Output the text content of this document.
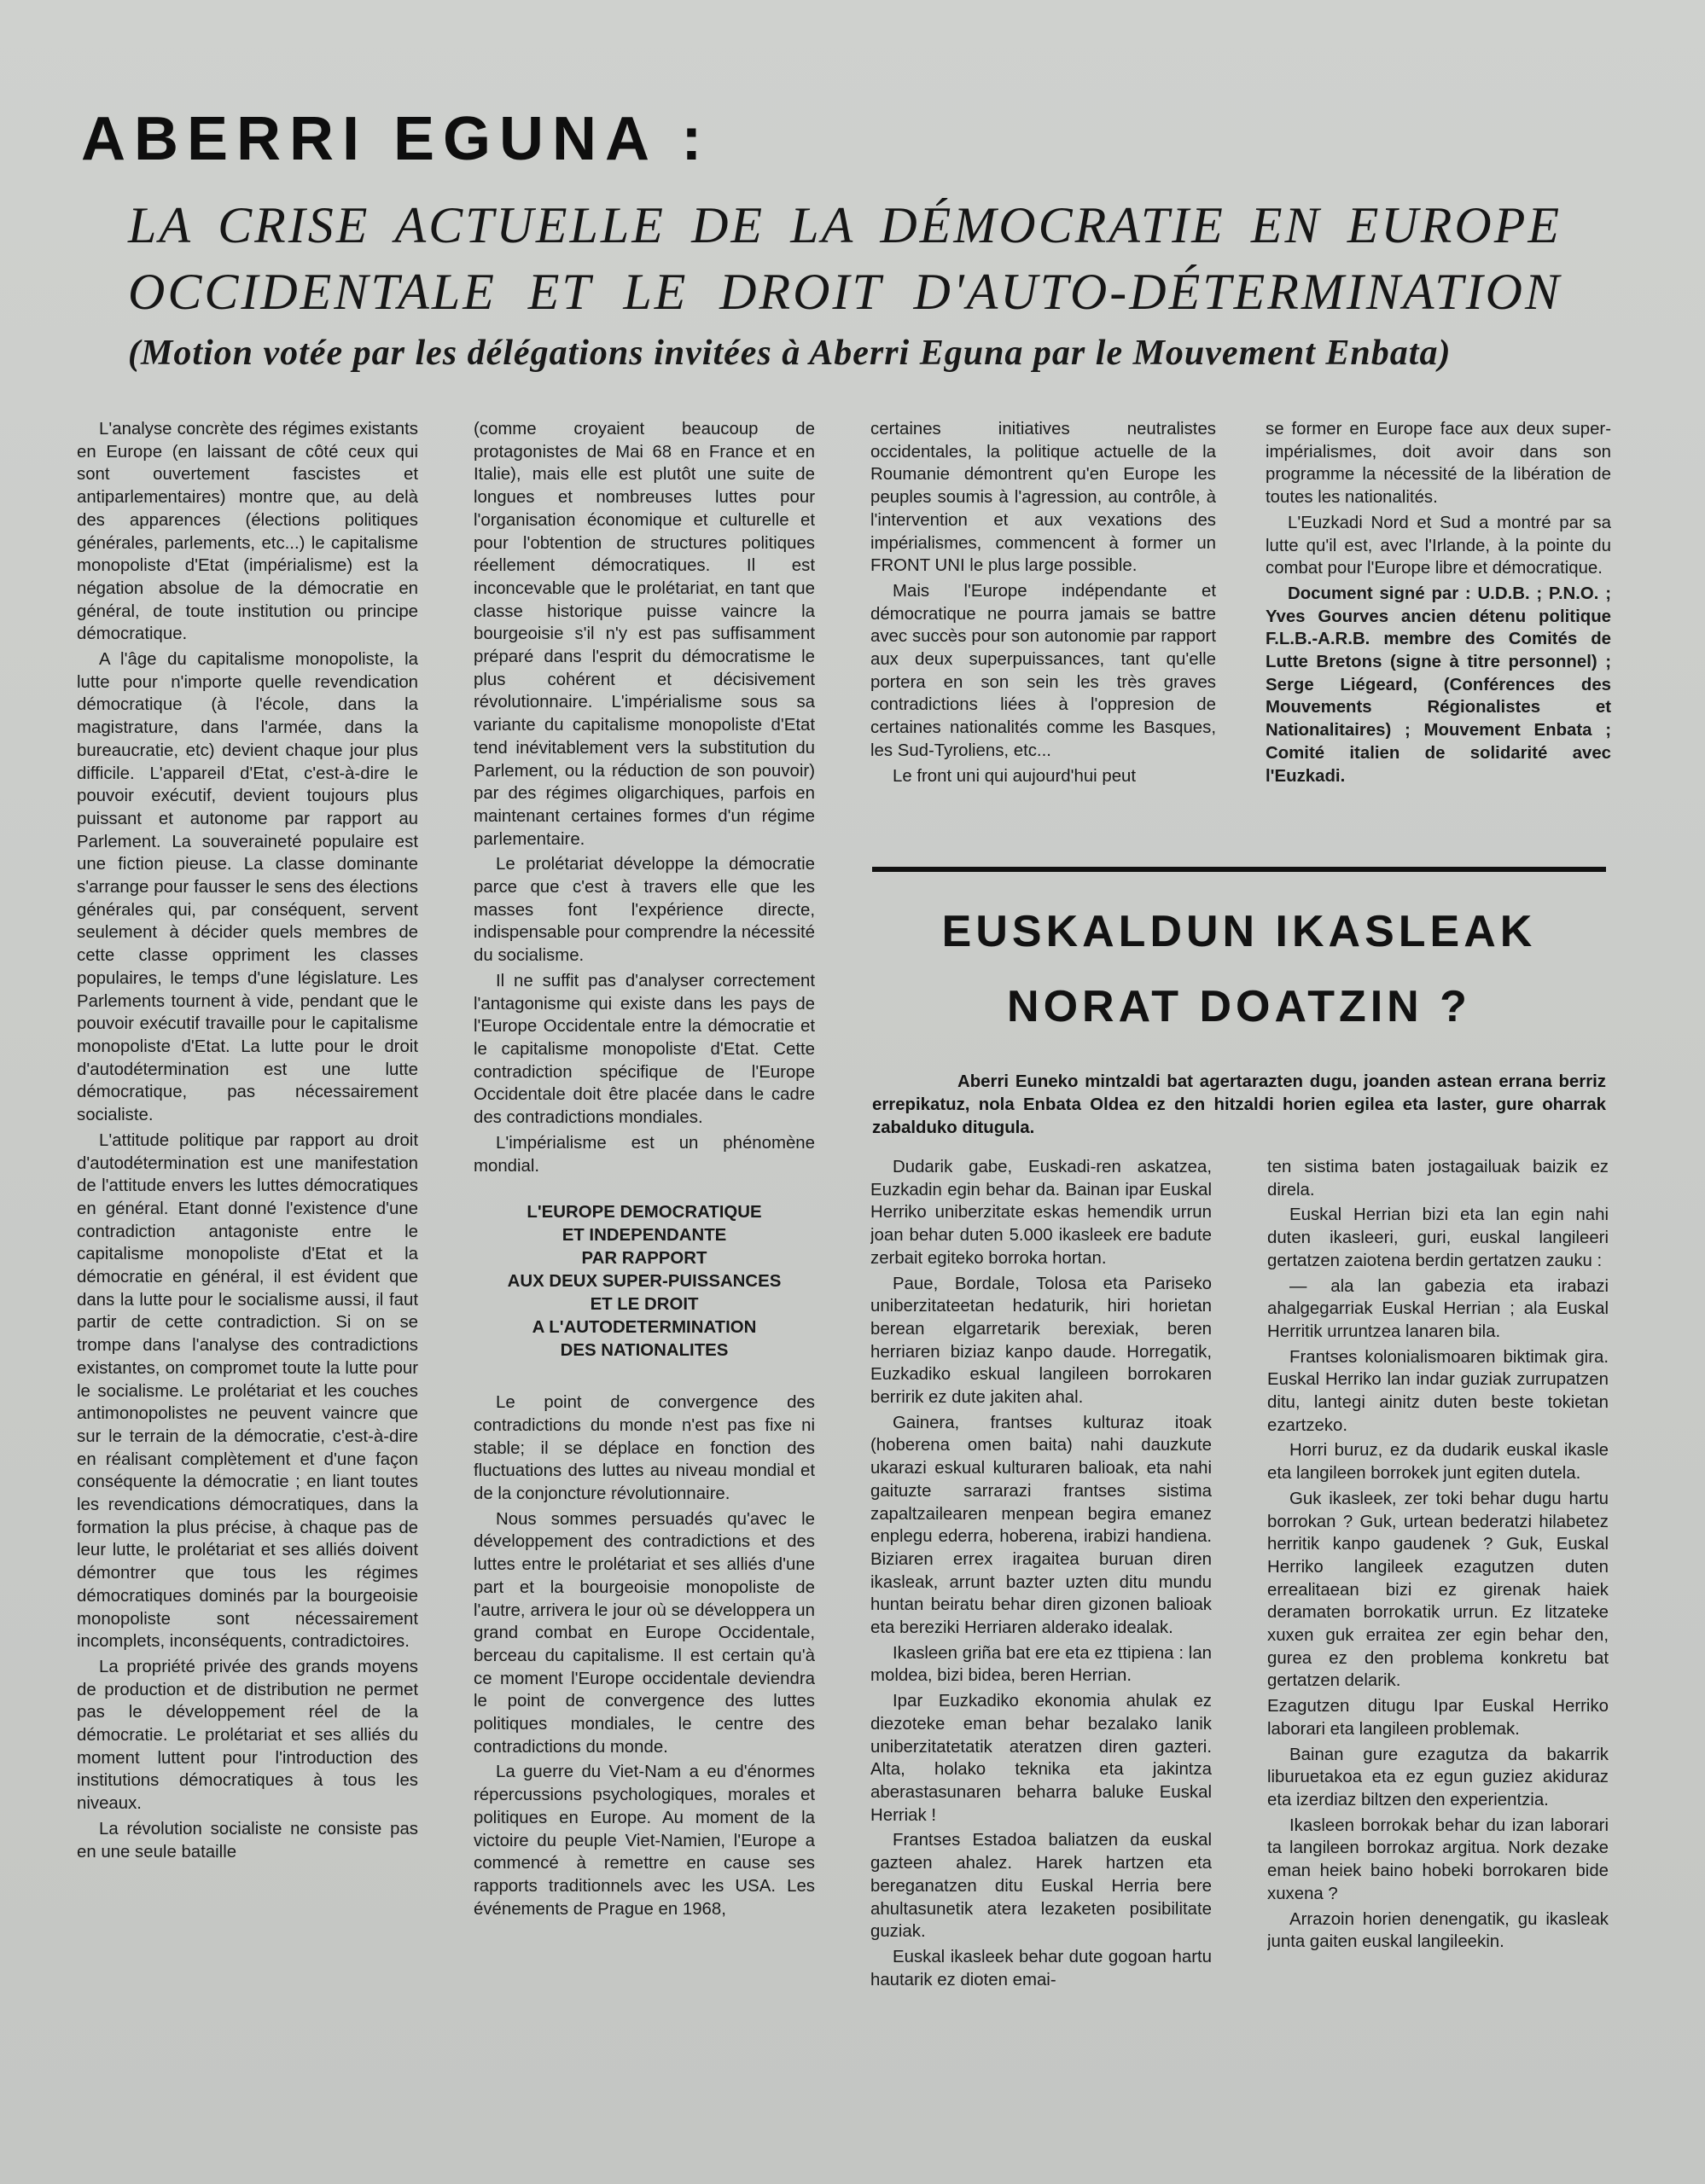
ABERRI EGUNA :
LA CRISE ACTUELLE DE LA DÉMOCRATIE EN EUROPE
OCCIDENTALE ET LE DROIT D'AUTO-DÉTERMINATION
(Motion votée par les délégations invitées à Aberri Eguna par le Mouvement Enbata)

L'analyse concrète des régimes existants en Europe (en laissant de côté ceux qui sont ouvertement fascistes et antiparlementaires) montre que, au delà des apparences (élections politiques générales, parlements, etc...) le capitalisme monopoliste d'Etat (impérialisme) est la négation absolue de la démocratie en général, de toute institution ou principe démocratique.

A l'âge du capitalisme monopoliste, la lutte pour n'importe quelle revendication démocratique (à l'école, dans la magistrature, dans l'armée, dans la bureaucratie, etc) devient chaque jour plus difficile. L'appareil d'Etat, c'est-à-dire le pouvoir exécutif, devient toujours plus puissant et autonome par rapport au Parlement. La souveraineté populaire est une fiction pieuse. La classe dominante s'arrange pour fausser le sens des élections générales qui, par conséquent, servent seulement à décider quels membres de cette classe oppriment les classes populaires, le temps d'une législature. Les Parlements tournent à vide, pendant que le pouvoir exécutif travaille pour le capitalisme monopoliste d'Etat. La lutte pour le droit d'autodétermination est une lutte démocratique, pas nécessairement socialiste.

L'attitude politique par rapport au droit d'autodétermination est une manifestation de l'attitude envers les luttes démocratiques en général. Etant donné l'existence d'une contradiction antagoniste entre le capitalisme monopoliste d'Etat et la démocratie en général, il est évident que dans la lutte pour le socialisme aussi, il faut partir de cette contradiction. Si on se trompe dans l'analyse des contradictions existantes, on compromet toute la lutte pour le socialisme. Le prolétariat et les couches antimonopolistes ne peuvent vaincre que sur le terrain de la démocratie, c'est-à-dire en réalisant complètement et d'une façon conséquente la démocratie ; en liant toutes les revendications démocratiques, dans la formation la plus précise, à chaque pas de leur lutte, le prolétariat et ses alliés doivent démontrer que tous les régimes démocratiques dominés par la bourgeoisie monopoliste sont nécessairement incomplets, inconséquents, contradictoires.

La propriété privée des grands moyens de production et de distribution ne permet pas le développement réel de la démocratie. Le prolétariat et ses alliés du moment luttent pour l'introduction des institutions démocratiques à tous les niveaux.

La révolution socialiste ne consiste pas en une seule bataille

(comme croyaient beaucoup de protagonistes de Mai 68 en France et en Italie), mais elle est plutôt une suite de longues et nombreuses luttes pour l'organisation économique et culturelle et pour l'obtention de structures politiques réellement démocratiques. Il est inconcevable que le prolétariat, en tant que classe historique puisse vaincre la bourgeoisie s'il n'y est pas suffisamment préparé dans l'esprit du démocratisme le plus cohérent et décisivement révolutionnaire. L'impérialisme sous sa variante du capitalisme monopoliste d'Etat tend inévitablement vers la substitution du Parlement, ou la réduction de son pouvoir) par des régimes oligarchiques, parfois en maintenant certaines formes d'un régime parlementaire.

Le prolétariat développe la démocratie parce que c'est à travers elle que les masses font l'expérience directe, indispensable pour comprendre la nécessité du socialisme.

Il ne suffit pas d'analyser correctement l'antagonisme qui existe dans les pays de l'Europe Occidentale entre la démocratie et le capitalisme monopoliste d'Etat. Cette contradiction spécifique de l'Europe Occidentale doit être placée dans le cadre des contradictions mondiales.

L'impérialisme est un phénomène mondial.

L'EUROPE DEMOCRATIQUE
ET INDEPENDANTE
PAR RAPPORT
AUX DEUX SUPER-PUISSANCES
ET LE DROIT
A L'AUTODETERMINATION
DES NATIONALITES

Le point de convergence des contradictions du monde n'est pas fixe ni stable; il se déplace en fonction des fluctuations des luttes au niveau mondial et de la conjoncture révolutionnaire.

Nous sommes persuadés qu'avec le développement des contradictions et des luttes entre le prolétariat et ses alliés d'une part et la bourgeoisie monopoliste de l'autre, arrivera le jour où se développera un grand combat en Europe Occidentale, berceau du capitalisme. Il est certain qu'à ce moment l'Europe occidentale deviendra le point de convergence des luttes politiques mondiales, le centre des contradictions du monde.

La guerre du Viet-Nam a eu d'énormes répercussions psychologiques, morales et politiques en Europe. Au moment de la victoire du peuple Viet-Namien, l'Europe a commencé à remettre en cause ses rapports traditionnels avec les USA. Les événements de Prague en 1968,

certaines initiatives neutralistes occidentales, la politique actuelle de la Roumanie démontrent qu'en Europe les peuples soumis à l'agression, au contrôle, à l'intervention et aux vexations des impérialismes, commencent à former un FRONT UNI le plus large possible.

Mais l'Europe indépendante et démocratique ne pourra jamais se battre avec succès pour son autonomie par rapport aux deux superpuissances, tant qu'elle portera en son sein les très graves contradictions liées à l'oppresion de certaines nationalités comme les Basques, les Sud-Tyroliens, etc...

Le front uni qui aujourd'hui peut

se former en Europe face aux deux super-impérialismes, doit avoir dans son programme la nécessité de la libération de toutes les nationalités.

L'Euzkadi Nord et Sud a montré par sa lutte qu'il est, avec l'Irlande, à la pointe du combat pour l'Europe libre et démocratique.

Document signé par : U.D.B. ; P.N.O. ; Yves Gourves ancien détenu politique F.L.B.-A.R.B. membre des Comités de Lutte Bretons (signe à titre personnel) ; Serge Liégeard, (Conférences des Mouvements Régionalistes et Nationalitaires) ; Mouvement Enbata ; Comité italien de solidarité avec l'Euzkadi.

EUSKALDUN IKASLEAK
NORAT DOATZIN ?
Aberri Euneko mintzaldi bat agertarazten dugu, joanden astean errana berriz errepikatuz, nola Enbata Oldea ez den hitzaldi horien egilea eta laster, gure oharrak zabalduko ditugula.

Dudarik gabe, Euskadi-ren askatzea, Euzkadin egin behar da. Bainan ipar Euskal Herriko uniberzitate eskas hemendik urrun joan behar duten 5.000 ikasleek ere badute zerbait egiteko borroka hortan.

Paue, Bordale, Tolosa eta Pariseko uniberzitateetan hedaturik, hiri horietan berean elgarretarik berexiak, beren herriaren biziaz kanpo daude. Horregatik, Euzkadiko eskual langileen borrokaren berririk ez dute jakiten ahal.

Gainera, frantses kulturaz itoak (hoberena omen baita) nahi dauzkute ukarazi eskual kulturaren balioak, eta nahi gaituzte sarrarazi frantses sistima zapaltzailearen menpean begira emanez enplegu ederra, hoberena, irabizi handiena. Biziaren errex iragaitea buruan diren ikasleak, arrunt bazter uzten ditu mundu huntan beiratu behar diren gizonen balioak eta bereziki Herriaren alderako idealak.

Ikasleen griña bat ere eta ez ttipiena : lan moldea, bizi bidea, beren Herrian.

Ipar Euzkadiko ekonomia ahulak ez diezoteke eman behar bezalako lanik uniberzitatetatik ateratzen diren gazteri. Alta, holako teknika eta jakintza aberastasunaren beharra baluke Euskal Herriak !

Frantses Estadoa baliatzen da euskal gazteen ahalez. Harek hartzen eta bereganatzen ditu Euskal Herria bere ahultasunetik atera lezaketen posibilitate guziak.

Euskal ikasleek behar dute gogoan hartu hautarik ez dioten emai-

ten sistima baten jostagailuak baizik ez direla.

Euskal Herrian bizi eta lan egin nahi duten ikasleeri, guri, euskal langileeri gertatzen zaiotena berdin gertatzen zauku :

— ala lan gabezia eta irabazi ahalgegarriak Euskal Herrian ; ala Euskal Herritik urruntzea lanaren bila.

Frantses kolonialismoaren biktimak gira. Euskal Herriko lan indar guziak zurrupatzen ditu, lantegi ainitz duten beste tokietan ezartzeko.

Horri buruz, ez da dudarik euskal ikasle eta langileen borrokek junt egiten dutela.

Guk ikasleek, zer toki behar dugu hartu borrokan ? Guk, urtean bederatzi hilabetez herritik kanpo gaudenek ? Guk, Euskal Herriko langileek ezagutzen duten errealitaean bizi ez girenak haiek deramaten borrokatik urrun. Ez litzateke xuxen guk erraitea zer egin behar den, gurea ez den problema konkretu bat gertatzen delarik.

Ezagutzen ditugu Ipar Euskal Herriko laborari eta langileen problemak.

Bainan gure ezagutza da bakarrik liburuetakoa eta ez egun guziez akiduraz eta izerdiaz biltzen den experientzia.

Ikasleen borrokak behar du izan laborari ta langileen borrokaz argitua. Nork dezake eman heiek baino hobeki borrokaren bide xuxena ?

Arrazoin horien denengatik, gu ikasleak junta gaiten euskal langileekin.
